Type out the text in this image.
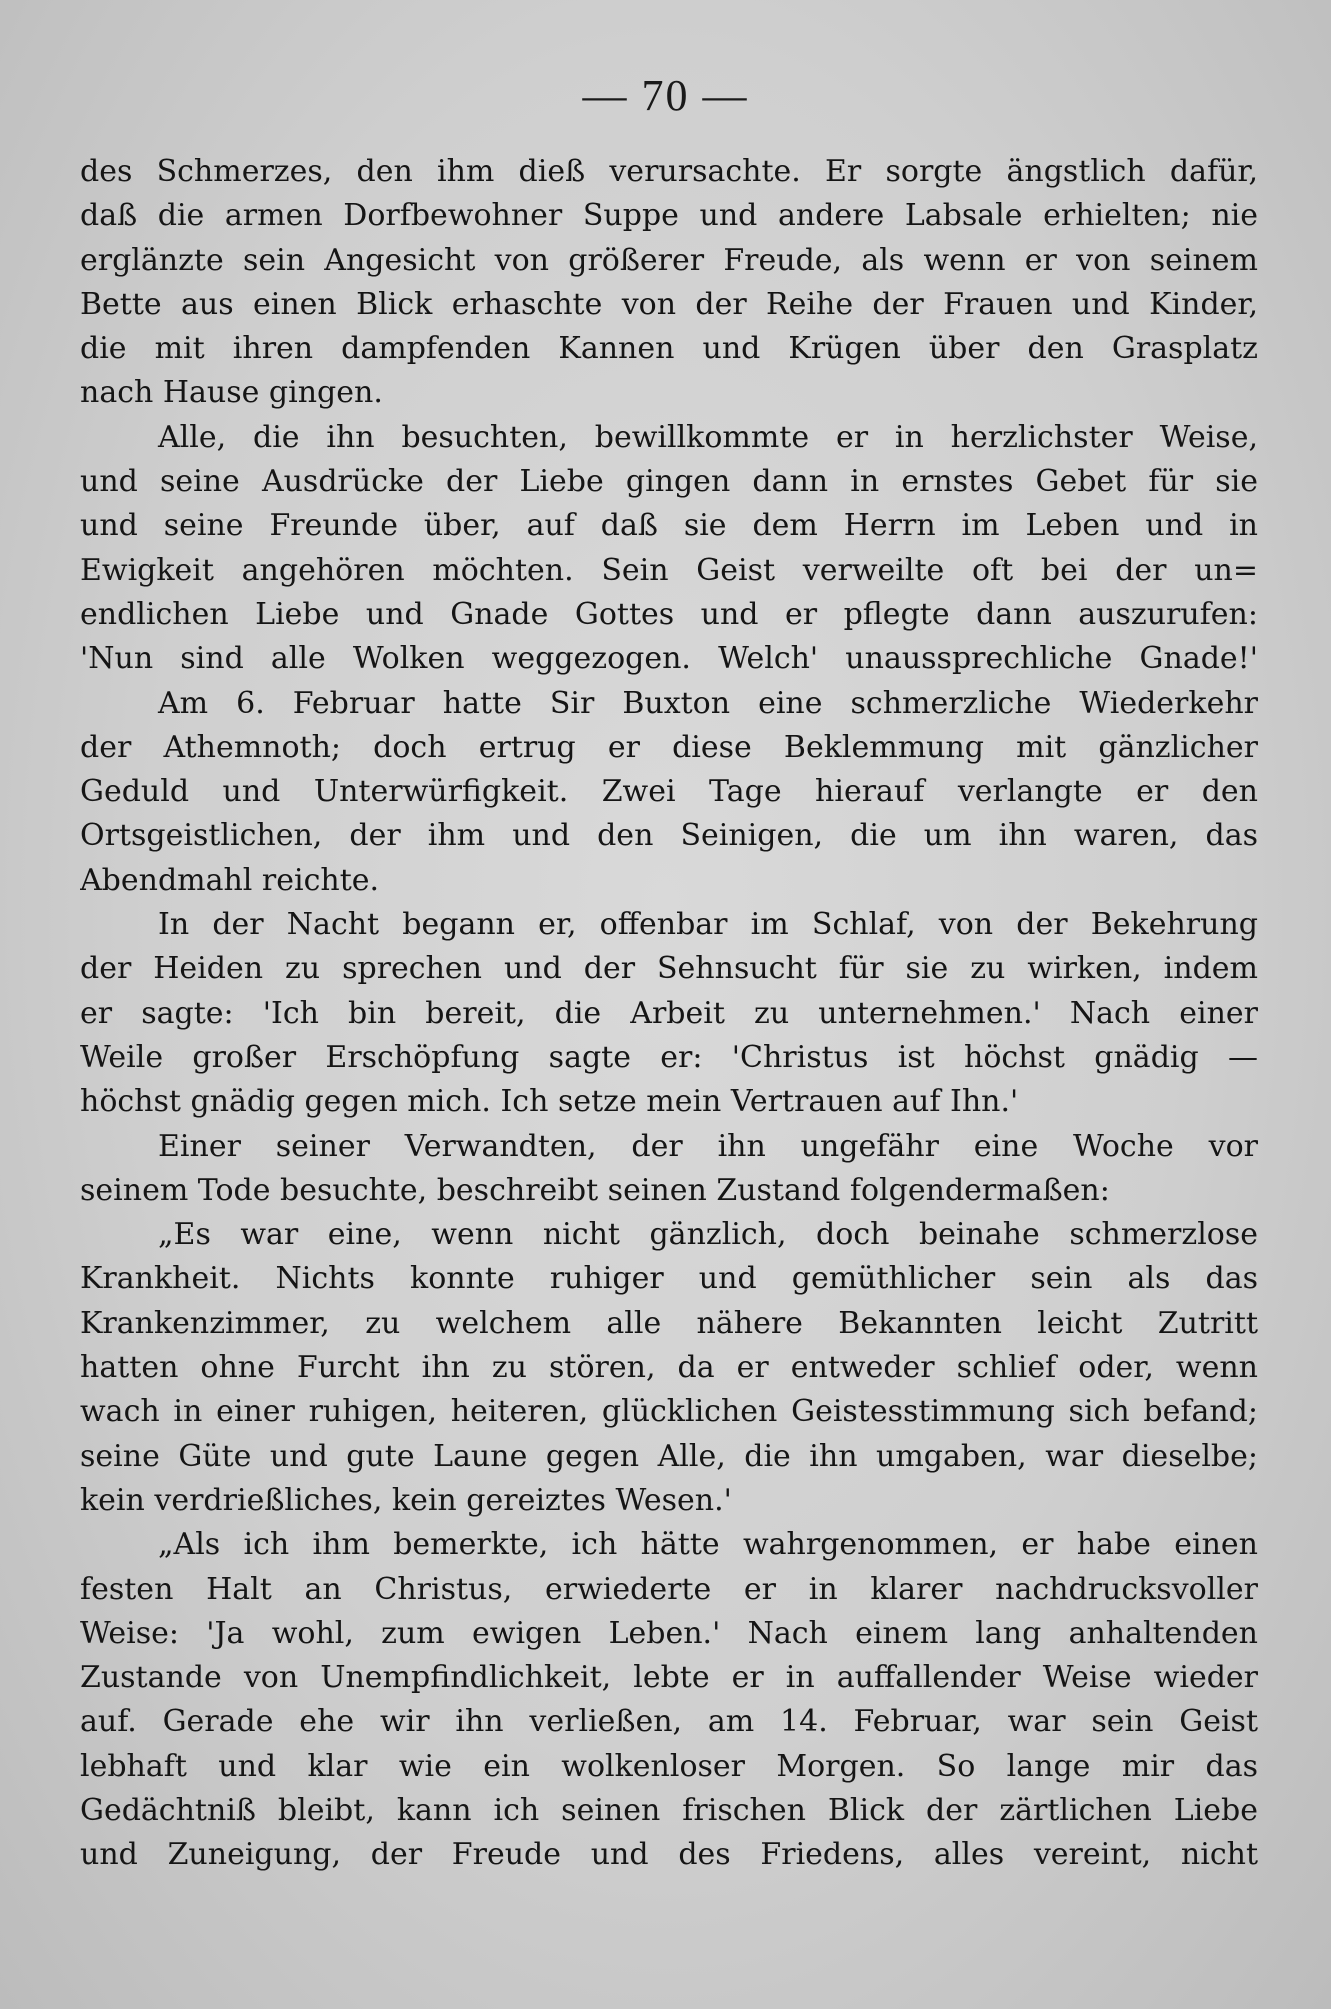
— 70 —
des Schmerzes, den ihm dieß verursachte. Er sorgte ängstlich dafür,
daß die armen Dorfbewohner Suppe und andere Labsale erhielten; nie
erglänzte sein Angesicht von größerer Freude, als wenn er von seinem
Bette aus einen Blick erhaschte von der Reihe der Frauen und Kinder,
die mit ihren dampfenden Kannen und Krügen über den Grasplatz
nach Hause gingen.
Alle, die ihn besuchten, bewillkommte er in herzlichster Weise,
und seine Ausdrücke der Liebe gingen dann in ernstes Gebet für sie
und seine Freunde über, auf daß sie dem Herrn im Leben und in
Ewigkeit angehören möchten. Sein Geist verweilte oft bei der un=
endlichen Liebe und Gnade Gottes und er pflegte dann auszurufen:
'Nun sind alle Wolken weggezogen. Welch' unaussprechliche Gnade!'
Am 6. Februar hatte Sir Buxton eine schmerzliche Wiederkehr
der Athemnoth; doch ertrug er diese Beklemmung mit gänzlicher
Geduld und Unterwürfigkeit. Zwei Tage hierauf verlangte er den
Ortsgeistlichen, der ihm und den Seinigen, die um ihn waren, das
Abendmahl reichte.
In der Nacht begann er, offenbar im Schlaf, von der Bekehrung
der Heiden zu sprechen und der Sehnsucht für sie zu wirken, indem
er sagte: 'Ich bin bereit, die Arbeit zu unternehmen.' Nach einer
Weile großer Erschöpfung sagte er: 'Christus ist höchst gnädig —
höchst gnädig gegen mich. Ich setze mein Vertrauen auf Ihn.'
Einer seiner Verwandten, der ihn ungefähr eine Woche vor
seinem Tode besuchte, beschreibt seinen Zustand folgendermaßen:
„Es war eine, wenn nicht gänzlich, doch beinahe schmerzlose
Krankheit. Nichts konnte ruhiger und gemüthlicher sein als das
Krankenzimmer, zu welchem alle nähere Bekannten leicht Zutritt
hatten ohne Furcht ihn zu stören, da er entweder schlief oder, wenn
wach in einer ruhigen, heiteren, glücklichen Geistesstimmung sich befand;
seine Güte und gute Laune gegen Alle, die ihn umgaben, war dieselbe;
kein verdrießliches, kein gereiztes Wesen.'
„Als ich ihm bemerkte, ich hätte wahrgenommen, er habe einen
festen Halt an Christus, erwiederte er in klarer nachdrucksvoller
Weise: 'Ja wohl, zum ewigen Leben.' Nach einem lang anhaltenden
Zustande von Unempfindlichkeit, lebte er in auffallender Weise wieder
auf. Gerade ehe wir ihn verließen, am 14. Februar, war sein Geist
lebhaft und klar wie ein wolkenloser Morgen. So lange mir das
Gedächtniß bleibt, kann ich seinen frischen Blick der zärtlichen Liebe
und Zuneigung, der Freude und des Friedens, alles vereint, nicht
